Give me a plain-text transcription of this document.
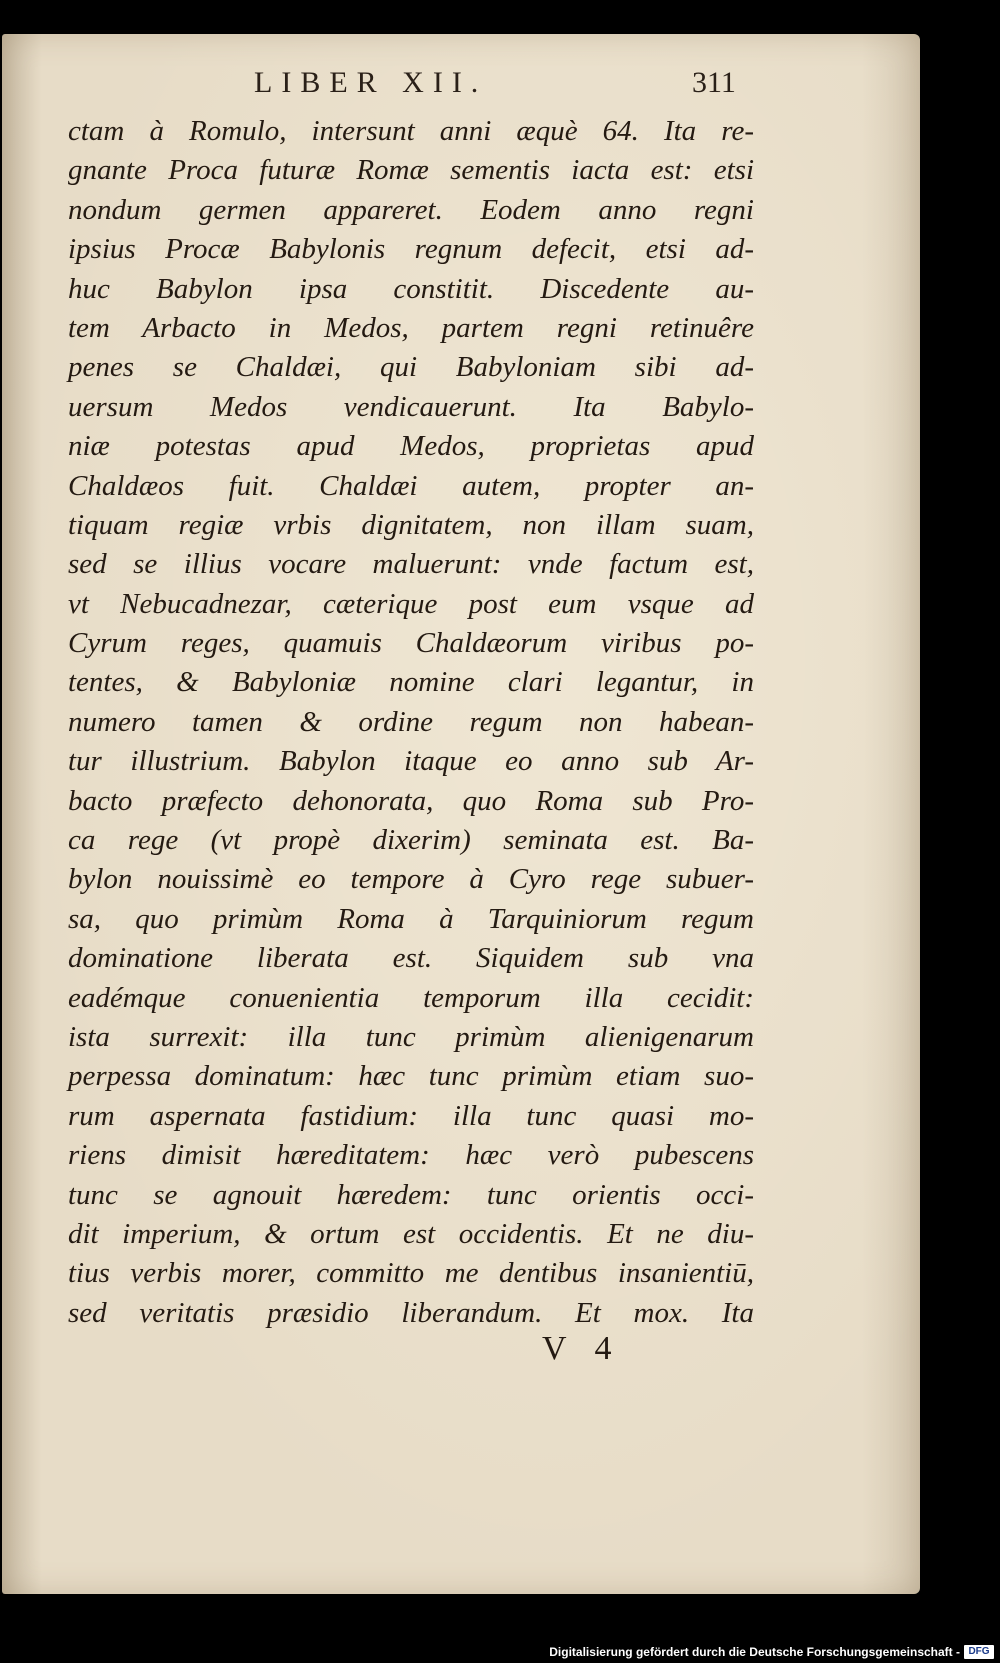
LIBER XII.	311
ctam à Romulo, intersunt anni æquè 64. Ita re-
gnante Proca futuræ Romæ sementis iacta est: etsi
nondum germen appareret. Eodem anno regni
ipsius Procæ Babylonis regnum defecit, etsi ad-
huc Babylon ipsa constitit. Discedente au-
tem Arbacto in Medos, partem regni retinuêre
penes se Chaldæi, qui Babyloniam sibi ad-
uersum Medos vendicauerunt. Ita Babylo-
niæ potestas apud Medos, proprietas apud
Chaldæos fuit. Chaldæi autem, propter an-
tiquam regiæ vrbis dignitatem, non illam suam,
sed se illius vocare maluerunt: vnde factum est,
vt Nebucadnezar, cæterique post eum vsque ad
Cyrum reges, quamuis Chaldæorum viribus po-
tentes, & Babyloniæ nomine clari legantur, in
numero tamen & ordine regum non habean-
tur illustrium. Babylon itaque eo anno sub Ar-
bacto præfecto dehonorata, quo Roma sub Pro-
ca rege (vt propè dixerim) seminata est. Ba-
bylon nouissimè eo tempore à Cyro rege subuer-
sa, quo primùm Roma à Tarquiniorum regum
dominatione liberata est. Siquidem sub vna
eadémque conuenientia temporum illa cecidit:
ista surrexit: illa tunc primùm alienigenarum
perpessa dominatum: hæc tunc primùm etiam suo-
rum aspernata fastidium: illa tunc quasi mo-
riens dimisit hæreditatem: hæc verò pubescens
tunc se agnouit hæredem: tunc orientis occi-
dit imperium, & ortum est occidentis. Et ne diu-
tius verbis morer, committo me dentibus insanientiū,
sed veritatis præsidio liberandum. Et mox. Ita
V 4
Digitalisierung gefördert durch die Deutsche Forschungsgemeinschaft - DFG
